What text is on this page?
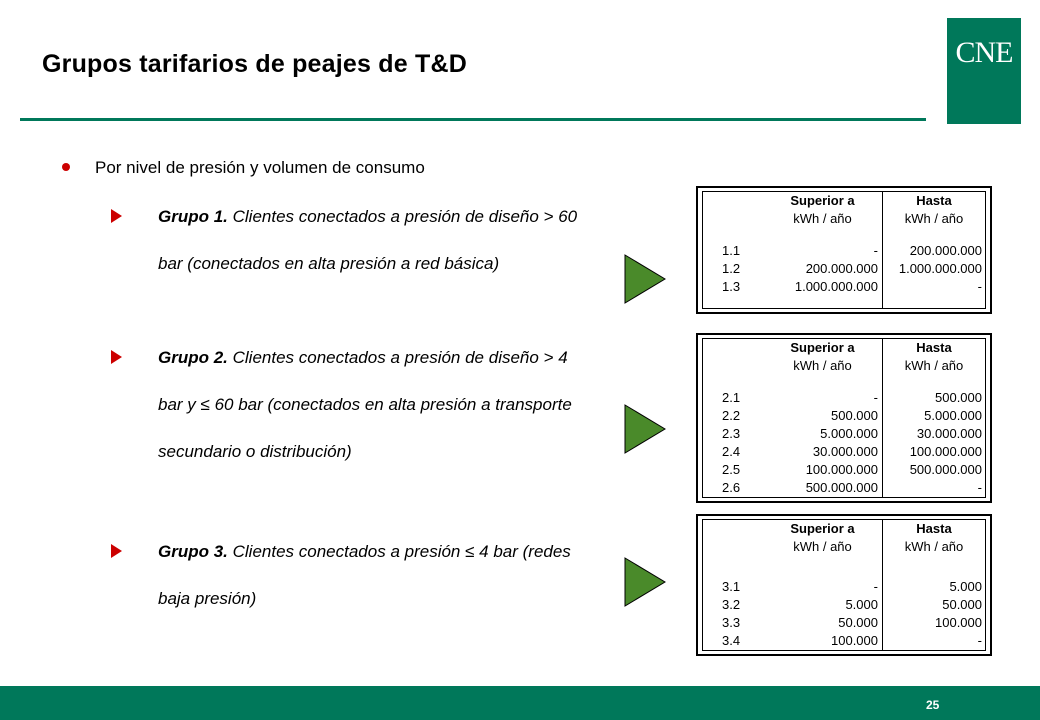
Grupos tarifarios de peajes de T&D	CNE
Por nivel de presión y volumen de consumo
Grupo 1. Clientes conectados a presión de diseño > 60 bar (conectados en alta presión a red básica)
Grupo 2. Clientes conectados a presión de diseño > 4 bar y ≤ 60 bar (conectados en alta presión a transporte secundario o distribución)
Grupo 3. Clientes conectados a presión ≤ 4 bar (redes baja presión)
Superior a	Hasta
kWh / año	kWh / año
1.1	-	200.000.000
1.2	200.000.000	1.000.000.000
1.3	1.000.000.000	-
Superior a	Hasta
kWh / año	kWh / año
2.1	-	500.000
2.2	500.000	5.000.000
2.3	5.000.000	30.000.000
2.4	30.000.000	100.000.000
2.5	100.000.000	500.000.000
2.6	500.000.000	-
Superior a	Hasta
kWh / año	kWh / año
3.1	-	5.000
3.2	5.000	50.000
3.3	50.000	100.000
3.4	100.000	-
25
